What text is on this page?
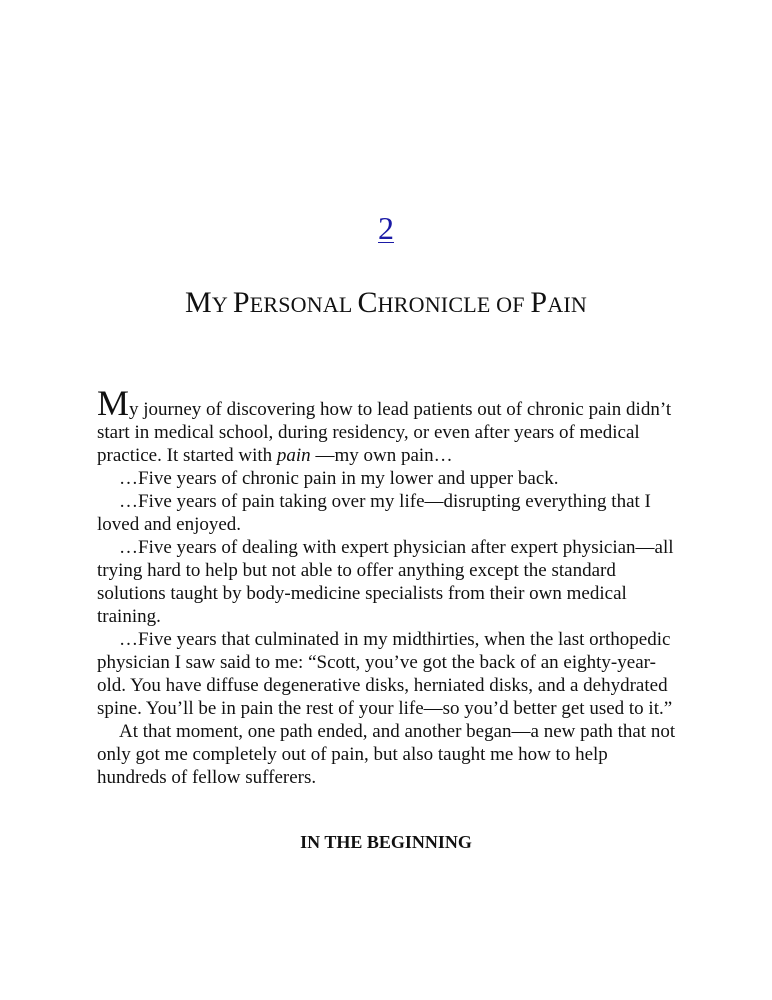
2
MY PERSONAL CHRONICLE OF PAIN

My journey of discovering how to lead patients out of chronic pain didn’t start in medical school, during residency, or even after years of medical practice. It started with pain —my own pain…

…Five years of chronic pain in my lower and upper back.

…Five years of pain taking over my life—disrupting everything that I loved and enjoyed.

…Five years of dealing with expert physician after expert physician—all trying hard to help but not able to offer anything except the standard solutions taught by body-medicine specialists from their own medical training.

…Five years that culminated in my midthirties, when the last orthopedic physician I saw said to me: “Scott, you’ve got the back of an eighty-year-old. You have diffuse degenerative disks, herniated disks, and a dehydrated spine. You’ll be in pain the rest of your life—so you’d better get used to it.”

At that moment, one path ended, and another began—a new path that not only got me completely out of pain, but also taught me how to help hundreds of fellow sufferers.

IN THE BEGINNING
